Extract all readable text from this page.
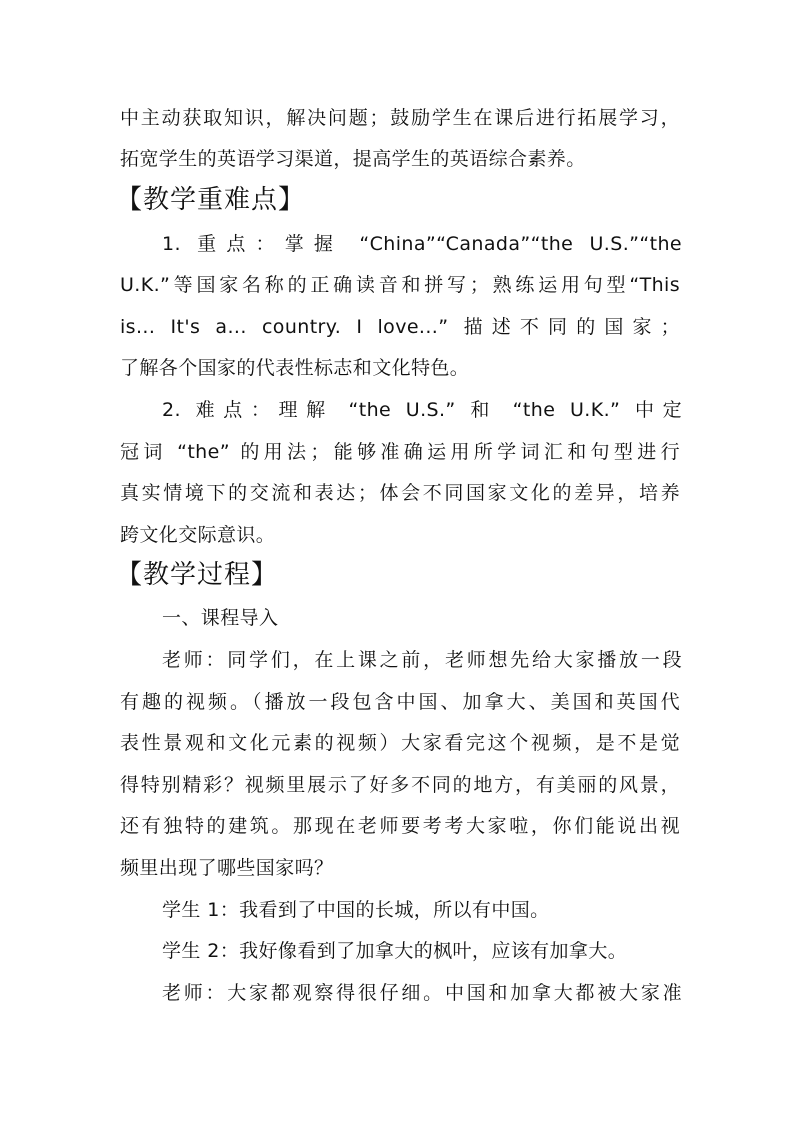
中主动获取知识，解决问题；鼓励学生在课后进行拓展学习，
拓宽学生的英语学习渠道，提高学生的英语综合素养。
【教学重难点】
1. 重点：掌握 “China”“Canada”“the U.S.”“the
U.K.”等国家名称的正确读音和拼写；熟练运用句型“This
is... It's a... country. I love...” 描述不同的国家；
了解各个国家的代表性标志和文化特色。
2. 难点：理解 “the U.S.” 和 “the U.K.” 中定
冠词 “the” 的用法；能够准确运用所学词汇和句型进行
真实情境下的交流和表达；体会不同国家文化的差异，培养
跨文化交际意识。
【教学过程】
一、课程导入
老师：同学们，在上课之前，老师想先给大家播放一段
有趣的视频。（播放一段包含中国、加拿大、美国和英国代
表性景观和文化元素的视频）大家看完这个视频，是不是觉
得特别精彩？视频里展示了好多不同的地方，有美丽的风景，
还有独特的建筑。那现在老师要考考大家啦，你们能说出视
频里出现了哪些国家吗？
学生 1：我看到了中国的长城，所以有中国。
学生 2：我好像看到了加拿大的枫叶，应该有加拿大。
老师：大家都观察得很仔细。中国和加拿大都被大家准
